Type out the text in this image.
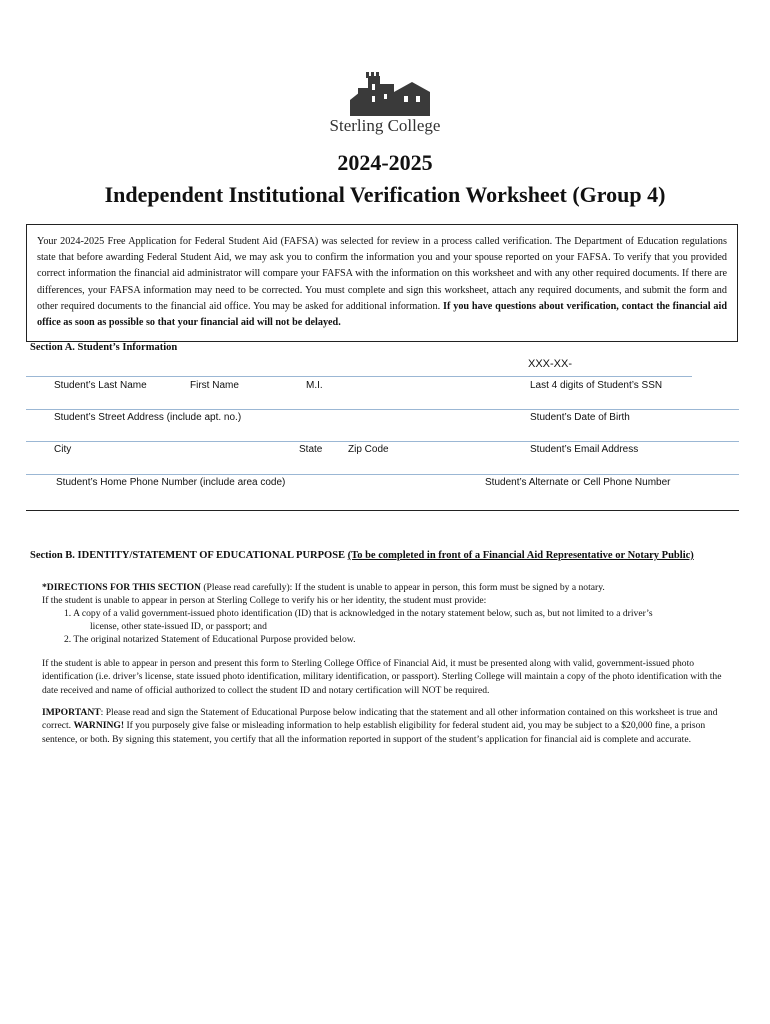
Sterling College
2024-2025
Independent Institutional Verification Worksheet (Group 4)
Your 2024-2025 Free Application for Federal Student Aid (FAFSA) was selected for review in a process called verification. The Department of Education regulations state that before awarding Federal Student Aid, we may ask you to confirm the information you and your spouse reported on your FAFSA. To verify that you provided correct information the financial aid administrator will compare your FAFSA with the information on this worksheet and with any other required documents. If there are differences, your FAFSA information may need to be corrected. You must complete and sign this worksheet, attach any required documents, and submit the form and other required documents to the financial aid office. You may be asked for additional information. If you have questions about verification, contact the financial aid office as soon as possible so that your financial aid will not be delayed.
Section A. Student’s Information
XXX-XX-
Student’s Last Name	First Name	M.I.	Last 4 digits of Student’s SSN
Student’s Street Address (include apt. no.)	Student’s Date of Birth
City	State	Zip Code	Student’s Email Address
Student’s Home Phone Number (include area code)	Student’s Alternate or Cell Phone Number
Section B. IDENTITY/STATEMENT OF EDUCATIONAL PURPOSE (To be completed in front of a Financial Aid Representative or Notary Public)
*DIRECTIONS FOR THIS SECTION (Please read carefully): If the student is unable to appear in person, this form must be signed by a notary.
If the student is unable to appear in person at Sterling College to verify his or her identity, the student must provide:
1. A copy of a valid government-issued photo identification (ID) that is acknowledged in the notary statement below, such as, but not limited to a driver’s
license, other state-issued ID, or passport; and
2. The original notarized Statement of Educational Purpose provided below.
If the student is able to appear in person and present this form to Sterling College Office of Financial Aid, it must be presented along with valid, government-issued photo identification (i.e. driver’s license, state issued photo identification, military identification, or passport). Sterling College will maintain a copy of the photo identification with the date received and name of official authorized to collect the student ID and notary certification will NOT be required.
IMPORTANT: Please read and sign the Statement of Educational Purpose below indicating that the statement and all other information contained on this worksheet is true and correct. WARNING! If you purposely give false or misleading information to help establish eligibility for federal student aid, you may be subject to a $20,000 fine, a prison sentence, or both. By signing this statement, you certify that all the information reported in support of the student’s application for financial aid is complete and accurate.
